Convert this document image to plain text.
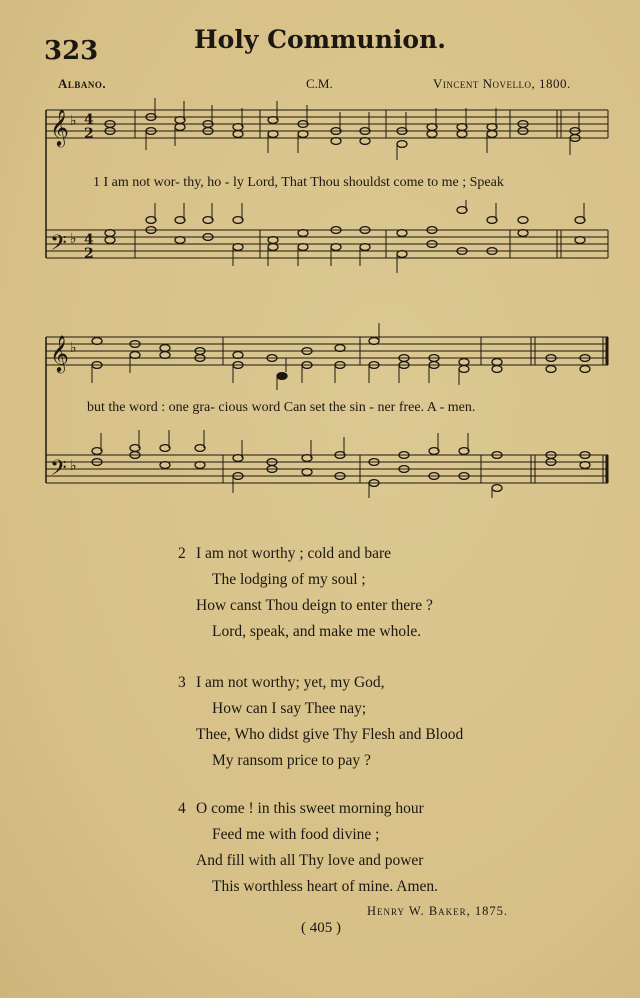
323	Holy Communion.
Albano.	C.M.	Vincent Novello, 1800.
𝄞
𝄢
𝄞
𝄢
♭
♭
♭
♭
4
2
4
2
1 I am not wor- thy, ho - ly Lord, That Thou shouldst come to me ; Speak
but the word : one gra- cious word Can set the sin - ner free. A - men.
2 I am not worthy ; cold and bare
The lodging of my soul ;
How canst Thou deign to enter there ?
Lord, speak, and make me whole.
3 I am not worthy; yet, my God,
How can I say Thee nay;
Thee, Who didst give Thy Flesh and Blood
My ransom price to pay ?
4 O come ! in this sweet morning hour
Feed me with food divine ;
And fill with all Thy love and power
This worthless heart of mine. Amen.
Henry W. Baker, 1875.
( 405 )
